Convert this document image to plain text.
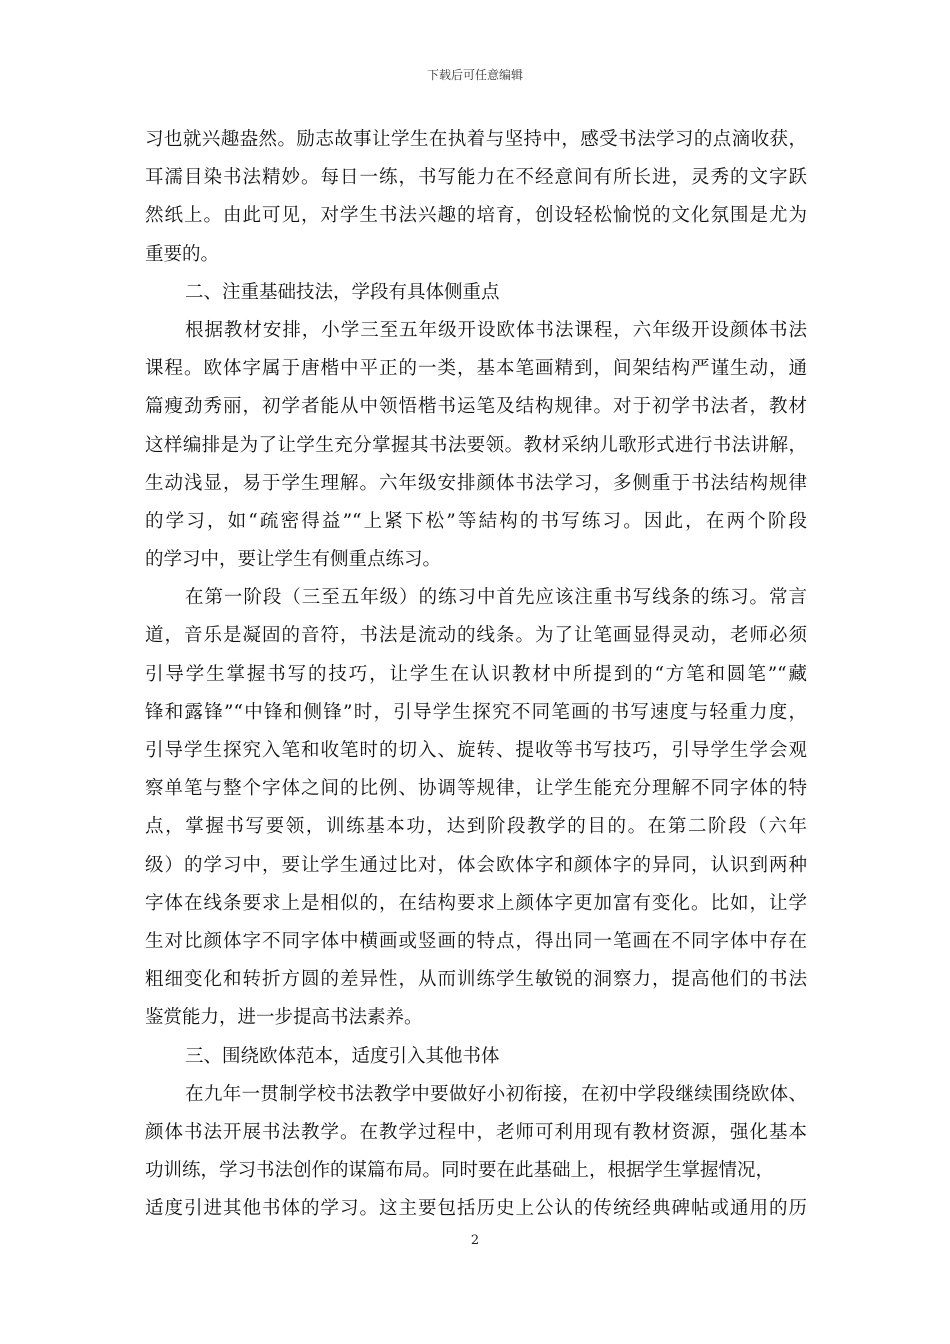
下载后可任意编辑
习也就兴趣盎然。励志故事让学生在执着与坚持中，感受书法学习的点滴收获，
耳濡目染书法精妙。每日一练，书写能力在不经意间有所长进，灵秀的文字跃
然纸上。由此可见，对学生书法兴趣的培育，创设轻松愉悦的文化氛围是尤为
重要的。
二、注重基础技法，学段有具体侧重点
根据教材安排，小学三至五年级开设欧体书法课程，六年级开设颜体书法
课程。欧体字属于唐楷中平正的一类，基本笔画精到，间架结构严谨生动，通
篇瘦劲秀丽，初学者能从中领悟楷书运笔及结构规律。对于初学书法者，教材
这样编排是为了让学生充分掌握其书法要领。教材采纳儿歌形式进行书法讲解，
生动浅显，易于学生理解。六年级安排颜体书法学习，多侧重于书法结构规律
的学习，如“疏密得益”“上紧下松”等結构的书写练习。因此，在两个阶段
的学习中，要让学生有侧重点练习。
在第一阶段（三至五年级）的练习中首先应该注重书写线条的练习。常言
道，音乐是凝固的音符，书法是流动的线条。为了让笔画显得灵动，老师必须
引导学生掌握书写的技巧，让学生在认识教材中所提到的“方笔和圆笔”“藏
锋和露锋”“中锋和侧锋”时，引导学生探究不同笔画的书写速度与轻重力度，
引导学生探究入笔和收笔时的切入、旋转、提收等书写技巧，引导学生学会观
察单笔与整个字体之间的比例、协调等规律，让学生能充分理解不同字体的特
点，掌握书写要领，训练基本功，达到阶段教学的目的。在第二阶段（六年
级）的学习中，要让学生通过比对，体会欧体字和颜体字的异同，认识到两种
字体在线条要求上是相似的，在结构要求上颜体字更加富有变化。比如，让学
生对比颜体字不同字体中横画或竖画的特点，得出同一笔画在不同字体中存在
粗细变化和转折方圆的差异性，从而训练学生敏锐的洞察力，提高他们的书法
鉴赏能力，进一步提高书法素养。
三、围绕欧体范本，适度引入其他书体
在九年一贯制学校书法教学中要做好小初衔接，在初中学段继续围绕欧体、
颜体书法开展书法教学。在教学过程中，老师可利用现有教材资源，强化基本
功训练，学习书法创作的谋篇布局。同时要在此基础上，根据学生掌握情况，
适度引进其他书体的学习。这主要包括历史上公认的传统经典碑帖或通用的历
2
